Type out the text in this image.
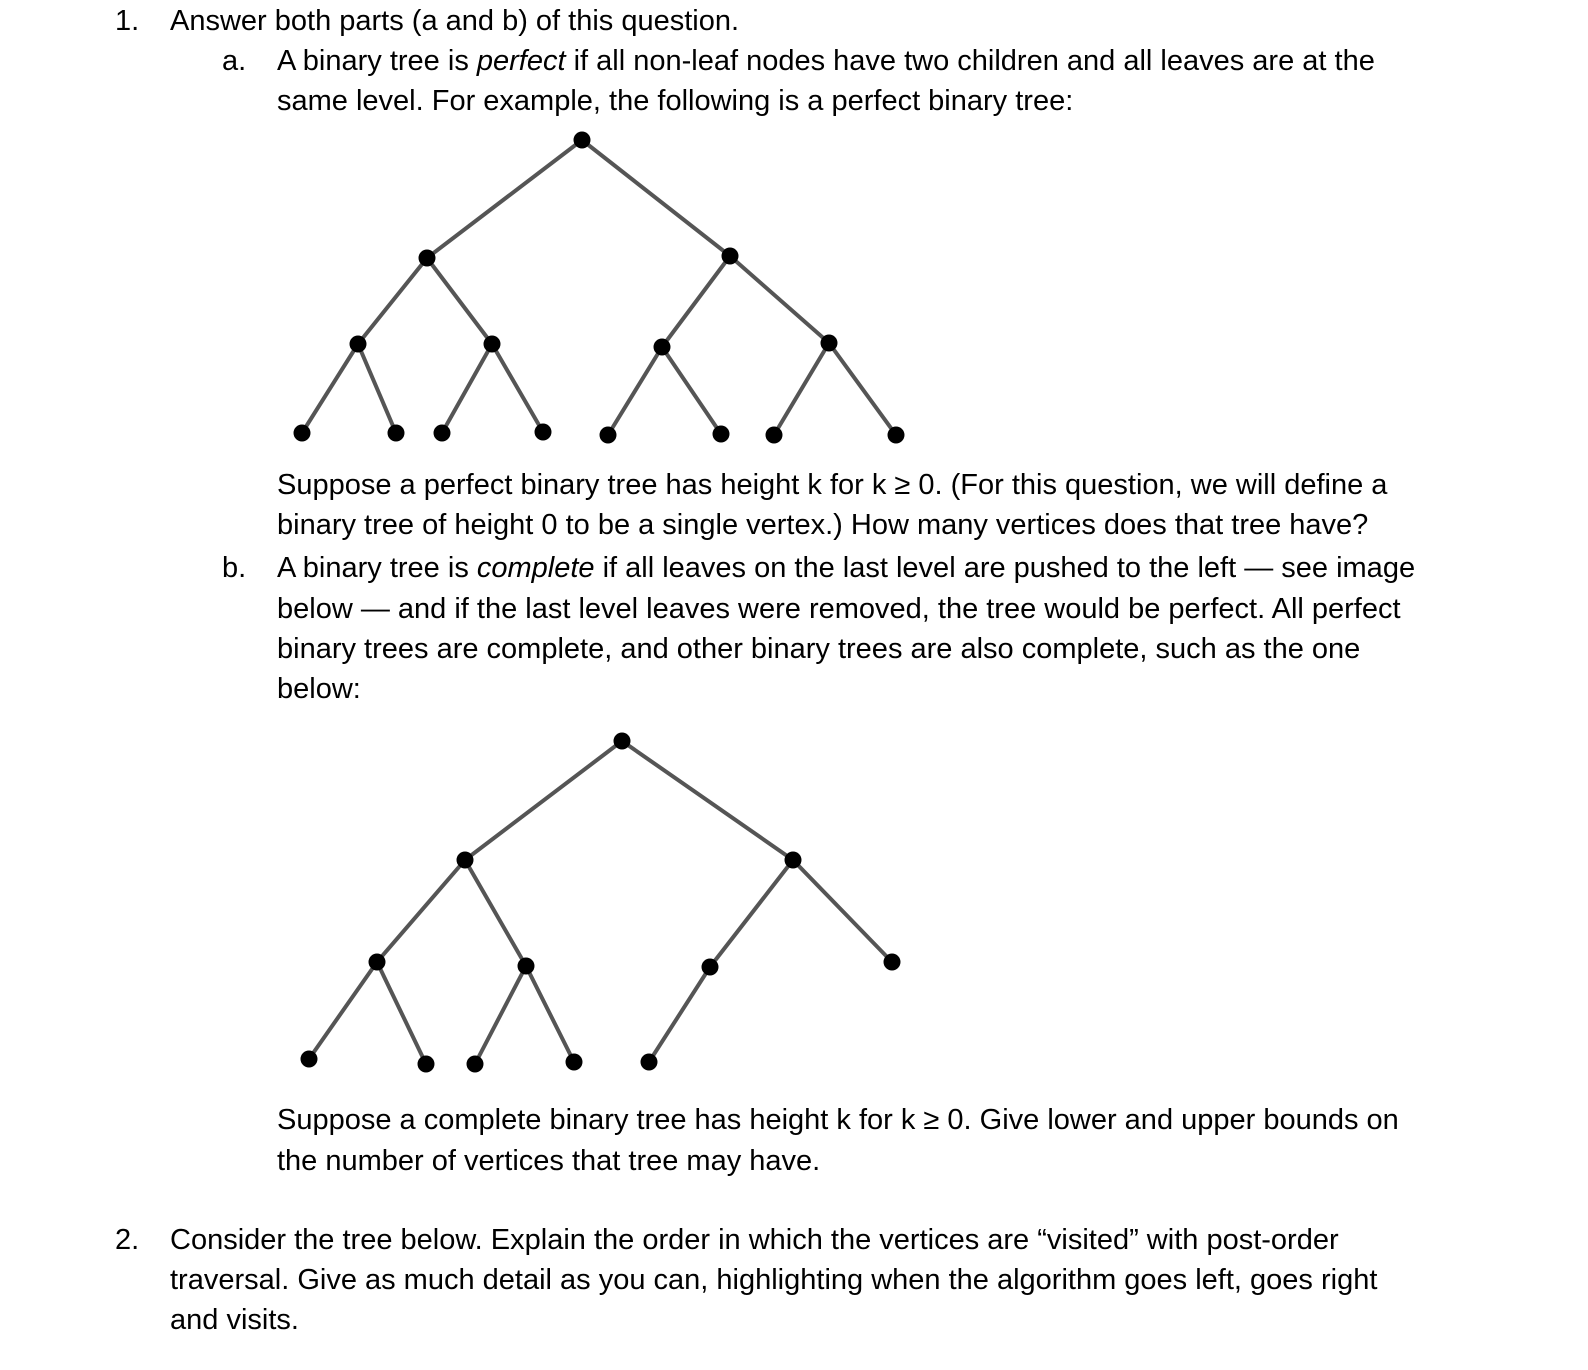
1. Answer both parts (a and b) of this question.
a. A binary tree is perfect if all non-leaf nodes have two children and all leaves are at the
same level. For example, the following is a perfect binary tree:
Suppose a perfect binary tree has height k for k ≥ 0. (For this question, we will define a
binary tree of height 0 to be a single vertex.) How many vertices does that tree have?
b. A binary tree is complete if all leaves on the last level are pushed to the left — see image
below — and if the last level leaves were removed, the tree would be perfect. All perfect
binary trees are complete, and other binary trees are also complete, such as the one
below:
Suppose a complete binary tree has height k for k ≥ 0. Give lower and upper bounds on
the number of vertices that tree may have.
2. Consider the tree below. Explain the order in which the vertices are “visited” with post-order
traversal. Give as much detail as you can, highlighting when the algorithm goes left, goes right
and visits.
